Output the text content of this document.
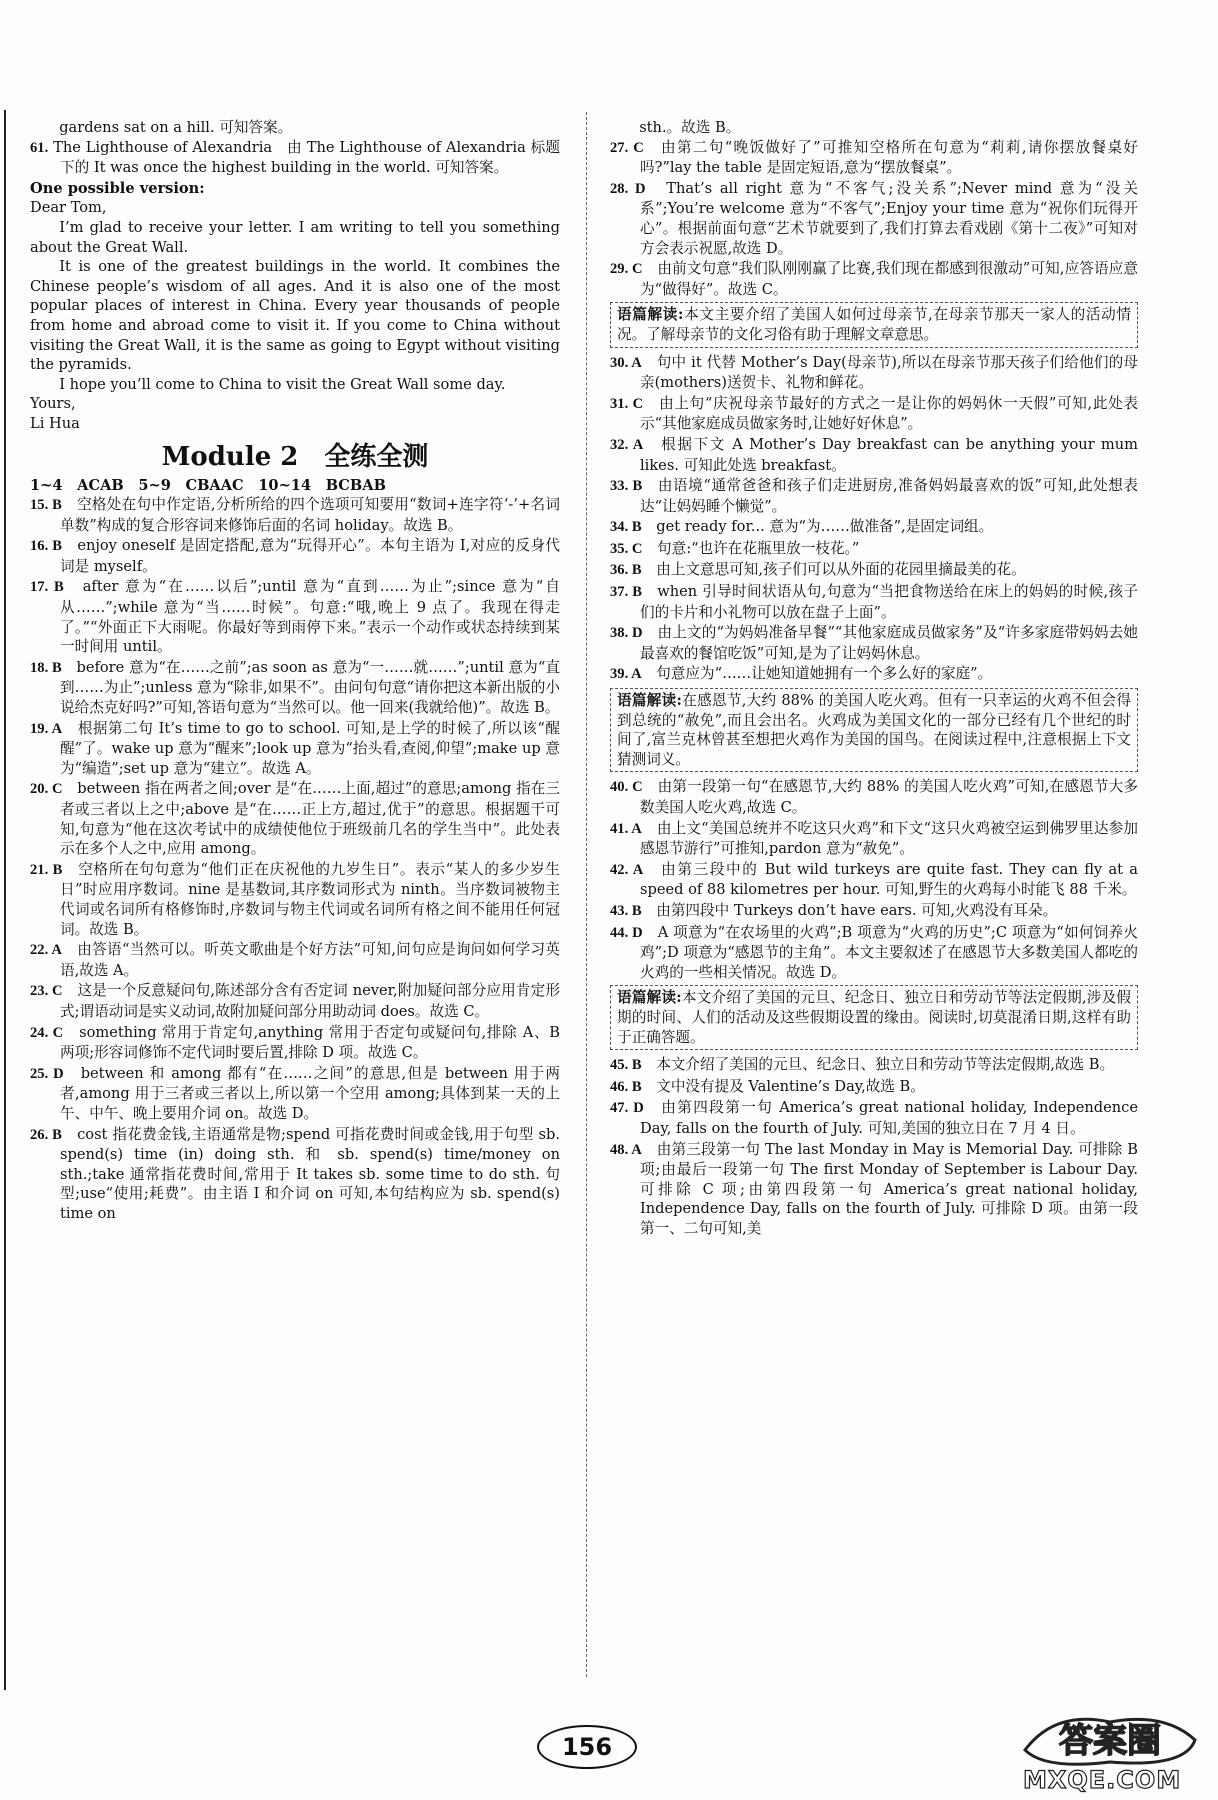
gardens sat on a hill. 可知答案。

61. The Lighthouse of Alexandria　由 The Lighthouse of Alexandria 标题下的 It was once the highest building in the world. 可知答案。

One possible version:

Dear Tom,

I’m glad to receive your letter. I am writing to tell you something about the Great Wall.

It is one of the greatest buildings in the world. It combines the Chinese people’s wisdom of all ages. And it is also one of the most popular places of interest in China. Every year thousands of people from home and abroad come to visit it. If you come to China without visiting the Great Wall, it is the same as going to Egypt without visiting the pyramids.

I hope you’ll come to China to visit the Great Wall some day.

Yours,

Li Hua

Module 2　全练全测

1~4　ACAB　5~9　CBAAC　10~14　BCBAB

15. B　 空格处在句中作定语,分析所给的四个选项可知要用“数词+连字符‘-’+名词单数”构成的复合形容词来修饰后面的名词 holiday。故选 B。

16. B　 enjoy oneself 是固定搭配,意为“玩得开心”。本句主语为 I,对应的反身代词是 myself。

17. B　 after 意为“在……以后”;until 意为“直到……为止”;since 意为“自从……”;while 意为“当……时候”。句意:“哦,晚上 9 点了。我现在得走了。”“外面正下大雨呢。你最好等到雨停下来。”表示一个动作或状态持续到某一时间用 until。

18. B　 before 意为“在……之前”;as soon as 意为“一……就……”;until 意为“直到……为止”;unless 意为“除非,如果不”。由问句句意“请你把这本新出版的小说给杰克好吗?”可知,答语句意为“当然可以。他一回来(我就给他)”。故选 B。

19. A　 根据第二句 It’s time to go to school. 可知,是上学的时候了,所以该“醒醒”了。wake up 意为“醒来”;look up 意为“抬头看,查阅,仰望”;make up 意为“编造”;set up 意为“建立”。故选 A。

20. C　 between 指在两者之间;over 是“在……上面,超过”的意思;among 指在三者或三者以上之中;above 是“在……正上方,超过,优于”的意思。根据题干可知,句意为“他在这次考试中的成绩使他位于班级前几名的学生当中”。此处表示在多个人之中,应用 among。

21. B　 空格所在句句意为“他们正在庆祝他的九岁生日”。表示“某人的多少岁生日”时应用序数词。nine 是基数词,其序数词形式为 ninth。当序数词被物主代词或名词所有格修饰时,序数词与物主代词或名词所有格之间不能用任何冠词。故选 B。

22. A　 由答语“当然可以。听英文歌曲是个好方法”可知,问句应是询问如何学习英语,故选 A。

23. C　 这是一个反意疑问句,陈述部分含有否定词 never,附加疑问部分应用肯定形式;谓语动词是实义动词,故附加疑问部分用助动词 does。故选 C。

24. C　 something 常用于肯定句,anything 常用于否定句或疑问句,排除 A、B 两项;形容词修饰不定代词时要后置,排除 D 项。故选 C。

25. D　 between 和 among 都有“在……之间”的意思,但是 between 用于两者,among 用于三者或三者以上,所以第一个空用 among;具体到某一天的上午、中午、晚上要用介词 on。故选 D。

26. B　 cost 指花费金钱,主语通常是物;spend 可指花费时间或金钱,用于句型 sb. spend(s) time (in) doing sth. 和 sb. spend(s) time/money on sth.;take 通常指花费时间,常用于 It takes sb. some time to do sth. 句型;use“使用;耗费”。由主语 I 和介词 on 可知,本句结构应为 sb. spend(s) time on

sth.。故选 B。

27. C　 由第二句“晚饭做好了”可推知空格所在句意为“莉莉,请你摆放餐桌好吗?”lay the table 是固定短语,意为“摆放餐桌”。

28. D　 That’s all right 意为“不客气;没关系”;Never mind 意为“没关系”;You’re welcome 意为“不客气”;Enjoy your time 意为“祝你们玩得开心”。根据前面句意“艺术节就要到了,我们打算去看戏剧《第十二夜》”可知对方会表示祝愿,故选 D。

29. C　 由前文句意“我们队刚刚赢了比赛,我们现在都感到很激动”可知,应答语应意为“做得好”。故选 C。

语篇解读:本文主要介绍了美国人如何过母亲节,在母亲节那天一家人的活动情况。了解母亲节的文化习俗有助于理解文章意思。

30. A　 句中 it 代替 Mother’s Day(母亲节),所以在母亲节那天孩子们给他们的母亲(mothers)送贺卡、礼物和鲜花。

31. C　 由上句“庆祝母亲节最好的方式之一是让你的妈妈休一天假”可知,此处表示“其他家庭成员做家务时,让她好好休息”。

32. A　 根据下文 A Mother’s Day breakfast can be anything your mum likes. 可知此处选 breakfast。

33. B　 由语境“通常爸爸和孩子们走进厨房,准备妈妈最喜欢的饭”可知,此处想表达“让妈妈睡个懒觉”。

34. B　 get ready for... 意为“为……做准备”,是固定词组。

35. C　 句意:“也许在花瓶里放一枝花。”

36. B　 由上文意思可知,孩子们可以从外面的花园里摘最美的花。

37. B　 when 引导时间状语从句,句意为“当把食物送给在床上的妈妈的时候,孩子们的卡片和小礼物可以放在盘子上面”。

38. D　 由上文的“为妈妈准备早餐”“其他家庭成员做家务”及“许多家庭带妈妈去她最喜欢的餐馆吃饭”可知,是为了让妈妈休息。

39. A　 句意应为“……让她知道她拥有一个多么好的家庭”。

语篇解读:在感恩节,大约 88% 的美国人吃火鸡。但有一只幸运的火鸡不但会得到总统的“赦免”,而且会出名。火鸡成为美国文化的一部分已经有几个世纪的时间了,富兰克林曾甚至想把火鸡作为美国的国鸟。在阅读过程中,注意根据上下文猜测词义。

40. C　 由第一段第一句“在感恩节,大约 88% 的美国人吃火鸡”可知,在感恩节大多数美国人吃火鸡,故选 C。

41. A　 由上文“美国总统并不吃这只火鸡”和下文“这只火鸡被空运到佛罗里达参加感恩节游行”可推知,pardon 意为“赦免”。

42. A　 由第三段中的 But wild turkeys are quite fast. They can fly at a speed of 88 kilometres per hour. 可知,野生的火鸡每小时能飞 88 千米。

43. B　 由第四段中 Turkeys don’t have ears. 可知,火鸡没有耳朵。

44. D　 A 项意为“在农场里的火鸡”;B 项意为“火鸡的历史”;C 项意为“如何饲养火鸡”;D 项意为“感恩节的主角”。本文主要叙述了在感恩节大多数美国人都吃的火鸡的一些相关情况。故选 D。

语篇解读:本文介绍了美国的元旦、纪念日、独立日和劳动节等法定假期,涉及假期的时间、人们的活动及这些假期设置的缘由。阅读时,切莫混淆日期,这样有助于正确答题。

45. B　 本文介绍了美国的元旦、纪念日、独立日和劳动节等法定假期,故选 B。

46. B　 文中没有提及 Valentine’s Day,故选 B。

47. D　 由第四段第一句 America’s great national holiday, Independence Day, falls on the fourth of July. 可知,美国的独立日在 7 月 4 日。

48. A　 由第三段第一句 The last Monday in May is Memorial Day. 可排除 B 项;由最后一段第一句 The first Monday of September is Labour Day. 可排除 C 项;由第四段第一句 America’s great national holiday, Independence Day, falls on the fourth of July. 可排除 D 项。由第一段第一、二句可知,美

156	答案圈
MXQE.COM
